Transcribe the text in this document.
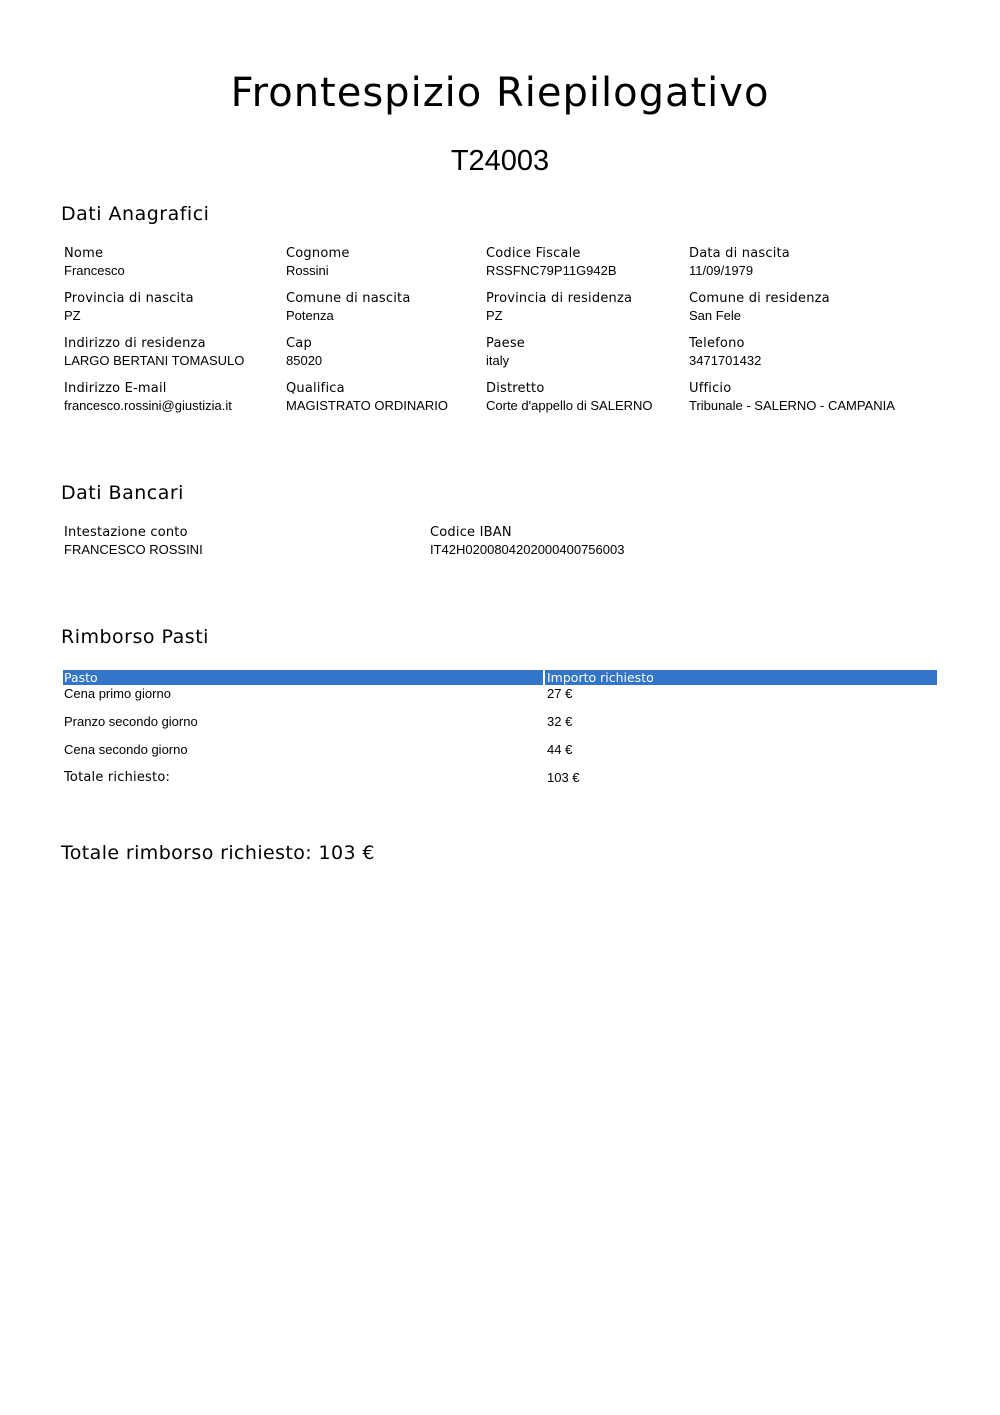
Frontespizio Riepilogativo
T24003
Dati Anagrafici
Nome
Francesco
Cognome
Rossini
Codice Fiscale
RSSFNC79P11G942B
Data di nascita
11/09/1979
Provincia di nascita
PZ
Comune di nascita
Potenza
Provincia di residenza
PZ
Comune di residenza
San Fele
Indirizzo di residenza
LARGO BERTANI TOMASULO
Cap
85020
Paese
italy
Telefono
3471701432
Indirizzo E-mail
francesco.rossini@giustizia.it
Qualifica
MAGISTRATO ORDINARIO
Distretto
Corte d'appello di SALERNO
Ufficio
Tribunale - SALERNO - CAMPANIA
Dati Bancari
Intestazione conto
FRANCESCO ROSSINI
Codice IBAN
IT42H0200804202000400756003
Rimborso Pasti
Pasto	Importo richiesto
Cena primo giorno	27 €
Pranzo secondo giorno	32 €
Cena secondo giorno	44 €
Totale richiesto:	103 €
Totale rimborso richiesto: 103 €
